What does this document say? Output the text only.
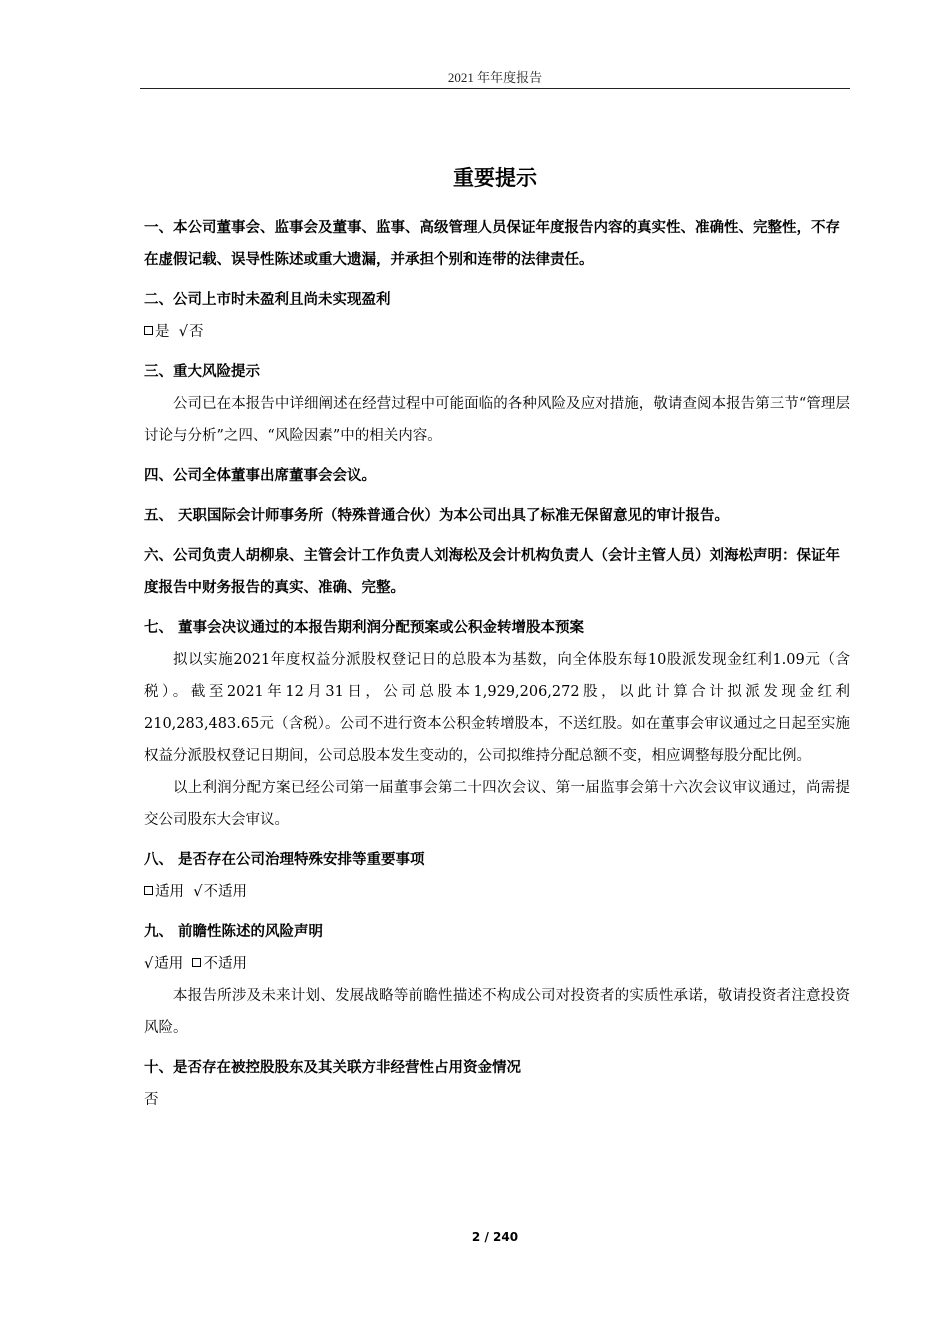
2021 年年度报告
重要提示

一、本公司董事会、监事会及董事、监事、高级管理人员保证年度报告内容的真实性、准确性、完整性，不存在虚假记载、误导性陈述或重大遗漏，并承担个别和连带的法律责任。

二、公司上市时未盈利且尚未实现盈利

是 √否

三、重大风险提示

公司已在本报告中详细阐述在经营过程中可能面临的各种风险及应对措施，敬请查阅本报告第三节“管理层讨论与分析”之四、“风险因素”中的相关内容。

四、公司全体董事出席董事会会议。

五、 天职国际会计师事务所（特殊普通合伙）为本公司出具了标准无保留意见的审计报告。

六、公司负责人胡柳泉、主管会计工作负责人刘海松及会计机构负责人（会计主管人员）刘海松声明：保证年度报告中财务报告的真实、准确、完整。

七、 董事会决议通过的本报告期利润分配预案或公积金转增股本预案

拟以实施2021年度权益分派股权登记日的总股本为基数，向全体股东每10股派发现金红利1.09元（含税）。截至2021年12月31日，公司总股本1,929,206,272股，以此计算合计拟派发现金红利210,283,483.65元（含税）。公司不进行资本公积金转增股本，不送红股。如在董事会审议通过之日起至实施权益分派股权登记日期间，公司总股本发生变动的，公司拟维持分配总额不变，相应调整每股分配比例。

以上利润分配方案已经公司第一届董事会第二十四次会议、第一届监事会第十六次会议审议通过，尚需提交公司股东大会审议。

八、 是否存在公司治理特殊安排等重要事项

适用 √不适用

九、 前瞻性陈述的风险声明

√适用 不适用

本报告所涉及未来计划、发展战略等前瞻性描述不构成公司对投资者的实质性承诺，敬请投资者注意投资风险。

十、是否存在被控股股东及其关联方非经营性占用资金情况

否

2 / 240
